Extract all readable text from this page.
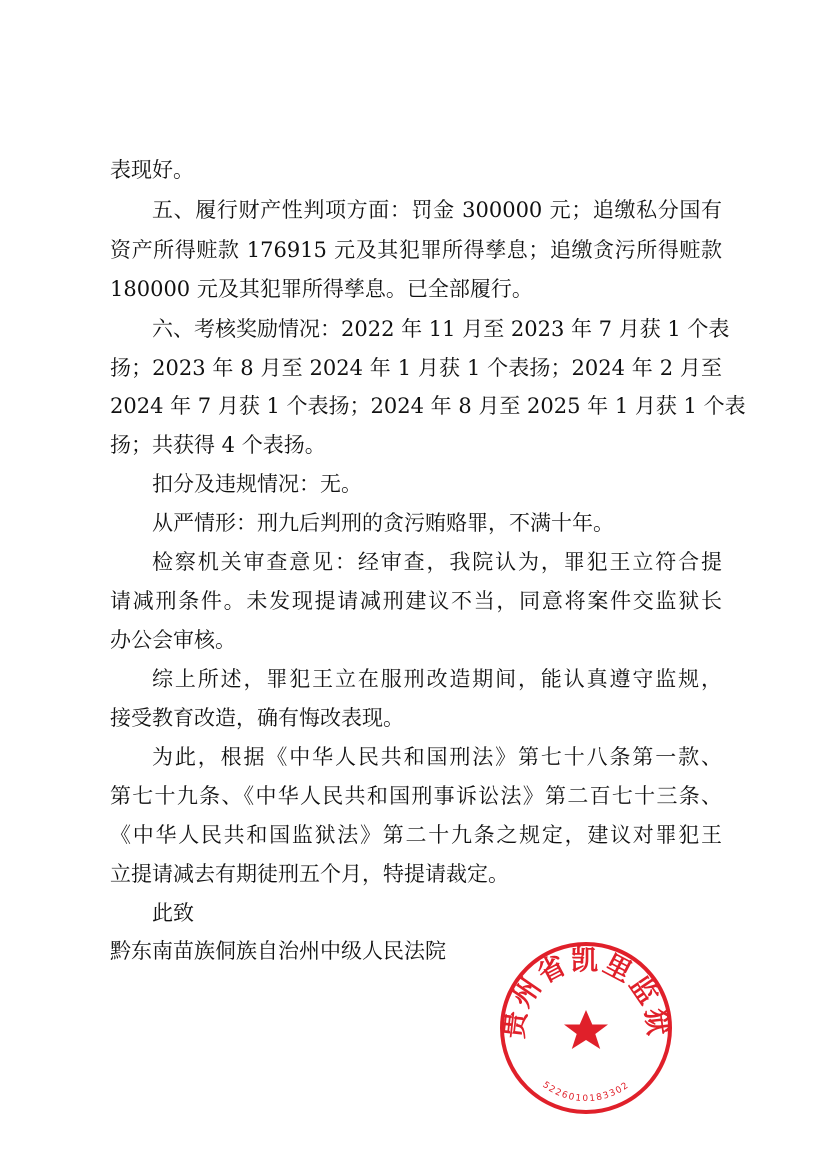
表现好。
五、履行财产性判项方面：罚金 300000 元；追缴私分国有
资产所得赃款 176915 元及其犯罪所得孳息；追缴贪污所得赃款
180000 元及其犯罪所得孳息。已全部履行。
六、考核奖励情况：2022 年 11 月至 2023 年 7 月获 1 个表
扬；2023 年 8 月至 2024 年 1 月获 1 个表扬；2024 年 2 月至
2024 年 7 月获 1 个表扬；2024 年 8 月至 2025 年 1 月获 1 个表
扬；共获得 4 个表扬。
扣分及违规情况：无。
从严情形：刑九后判刑的贪污贿赂罪，不满十年。
检察机关审查意见：经审查，我院认为，罪犯王立符合提
请减刑条件。未发现提请减刑建议不当，同意将案件交监狱长
办公会审核。
综上所述，罪犯王立在服刑改造期间，能认真遵守监规，
接受教育改造，确有悔改表现。
为此，根据《中华人民共和国刑法》第七十八条第一款、
第七十九条、《中华人民共和国刑事诉讼法》第二百七十三条、
《中华人民共和国监狱法》第二十九条之规定，建议对罪犯王
立提请减去有期徒刑五个月，特提请裁定。
此致
黔东南苗族侗族自治州中级人民法院
贵州省凯里监狱
5226010183302
